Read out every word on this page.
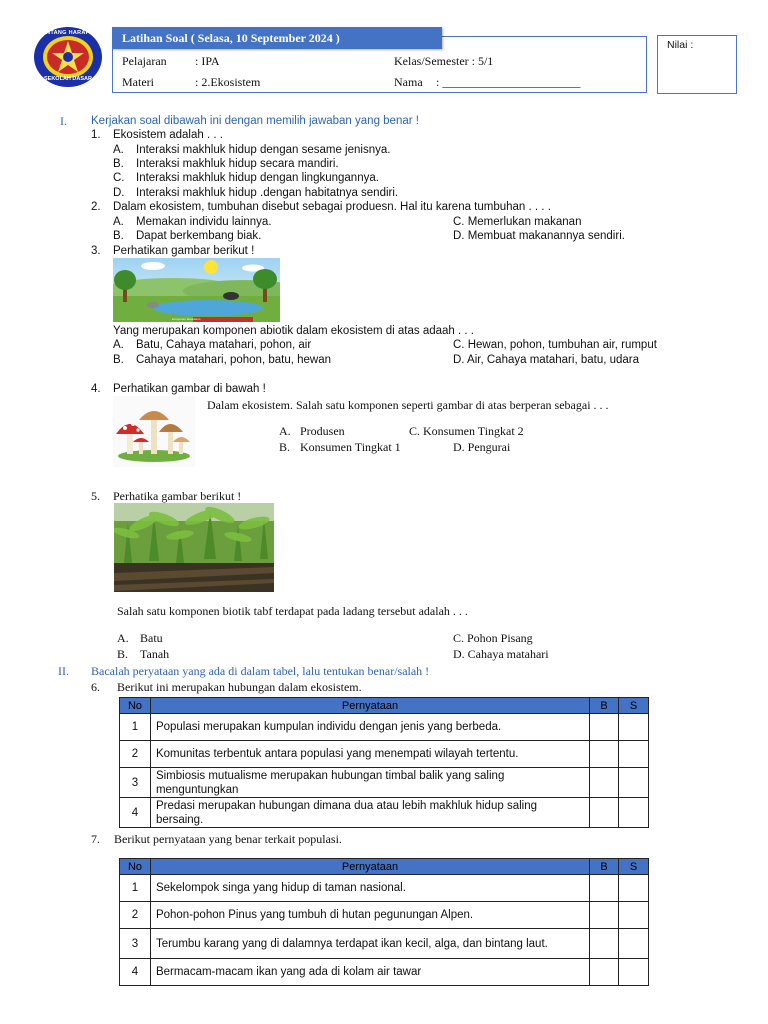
BINTANG HARAPAN
SEKOLAH DASAR
Latihan Soal ( Selasa, 10 September 2024 )
Pelajaran : IPA
Materi	: 2.Ekosistem
Kelas/Semester : 5/1
Nama : _______________________
Nilai :
I. Kerjakan soal dibawah ini dengan memilih jawaban yang benar !
1. Ekosistem adalah . . .
A. Interaksi makhluk hidup dengan sesame jenisnya.
B. Interaksi makhluk hidup secara mandiri.
C. Interaksi makhluk hidup dengan lingkungannya.
D. Interaksi makhluk hidup .dengan habitatnya sendiri.
2. Dalam ekosistem, tumbuhan disebut sebagai produesn. Hal itu karena tumbuhan . . . .
A. Memakan individu lainnya.
B. Dapat berkembang biak.
C. Memerlukan makanan
D. Membuat makanannya sendiri.
3. Perhatikan gambar berikut !
komponen ekosistem
Yang merupakan komponen abiotik dalam ekosistem di atas adaah . . .
A. Batu, Cahaya matahari, pohon, air
B. Cahaya matahari, pohon, batu, hewan
C. Hewan, pohon, tumbuhan air, rumput
D. Air, Cahaya matahari, batu, udara
4. Perhatikan gambar di bawah !
Dalam ekosistem. Salah satu komponen seperti gambar di atas berperan sebagai . . .
A. Produsen
B. Konsumen Tingkat 1
C. Konsumen Tingkat 2
D. Pengurai
5. Perhatika gambar berikut !
Salah satu komponen biotik tabf terdapat pada ladang tersebut adalah . . .
A. Batu
B. Tanah
C. Pohon Pisang
D. Cahaya matahari
II. Bacalah peryataan yang ada di dalam tabel, lalu tentukan benar/salah !
6. Berikut ini merupakan hubungan dalam ekosistem.
No	Pernyataan	B	S
1	Populasi merupakan kumpulan individu dengan jenis yang berbeda.		
2	Komunitas terbentuk antara populasi yang menempati wilayah tertentu.		
3	Simbiosis mutualisme merupakan hubungan timbal balik yang saling menguntungkan		
4	Predasi merupakan hubungan dimana dua atau lebih makhluk hidup saling bersaing.		
7. Berikut pernyataan yang benar terkait populasi.
No	Pernyataan	B	S
1	Sekelompok singa yang hidup di taman nasional.		
2	Pohon-pohon Pinus yang tumbuh di hutan pegunungan Alpen.		
3	Terumbu karang yang di dalamnya terdapat ikan kecil, alga, dan bintang laut.		
4	Bermacam-macam ikan yang ada di kolam air tawar		
